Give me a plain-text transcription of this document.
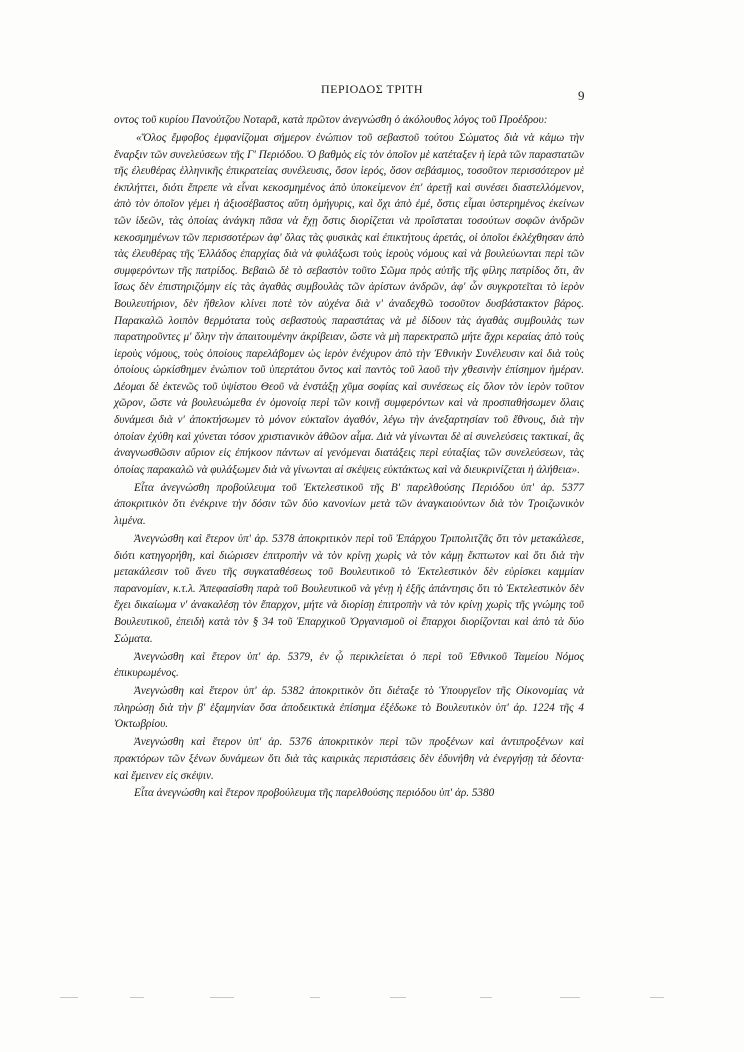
ΠΕΡΙΟΔΟΣ ΤΡΙΤΗ	9

οντος τοῦ κυρίου Πανούτζου Νοταρᾶ, κατὰ πρῶτον ἀνεγνώσθη ὁ ἀκόλουθος λόγος τοῦ Προέδρου:

«Ὅλος ἔμφοβος ἐμφανίζομαι σήμερον ἐνώπιον τοῦ σεβαστοῦ τούτου Σώματος διὰ νὰ κάμω τὴν ἔναρξιν τῶν συνελεύσεων τῆς Γ' Περιόδου. Ὁ βαθμὸς εἰς τὸν ὁποῖον μὲ κατέταξεν ἡ ἱερὰ τῶν παραστατῶν τῆς ἐλευθέρας ἑλληνικῆς ἐπικρατείας συνέλευσις, ὅσον ἱερός, ὅσον σεβάσμιος, τοσοῦτον περισσότερον μὲ ἐκπλήττει, διότι ἔπρεπε νὰ εἶναι κεκοσμημένος ἀπὸ ὑποκείμενον ἐπ' ἀρετῇ καὶ συνέσει διαστελλόμενον, ἀπὸ τὸν ὁποῖον γέμει ἡ ἀξιοσέβαστος αὕτη ὁμήγυρις, καὶ ὄχι ἀπὸ ἐμέ, ὅστις εἶμαι ὑστερημένος ἐκείνων τῶν ἰδεῶν, τὰς ὁποίας ἀνάγκη πᾶσα νὰ ἔχῃ ὅστις διορίζεται νὰ προΐσταται τοσούτων σοφῶν ἀνδρῶν κεκοσμημένων τῶν περισσοτέρων ἀφ' ὅλας τὰς φυσικὰς καὶ ἐπικτήτους ἀρετάς, οἱ ὁποῖοι ἐκλέχθησαν ἀπὸ τὰς ἐλευθέρας τῆς Ἑλλάδος ἐπαρχίας διὰ νὰ φυλάξωσι τοὺς ἱεροὺς νόμους καὶ νὰ βουλεύωνται περὶ τῶν συμφερόντων τῆς πατρίδος. Βεβαιῶ δὲ τὸ σεβαστὸν τοῦτο Σῶμα πρὸς αὐτῆς τῆς φίλης πατρίδος ὅτι, ἂν ἴσως δὲν ἐπιστηριζόμην εἰς τὰς ἀγαθὰς συμβουλὰς τῶν ἀρίστων ἀνδρῶν, ἀφ' ὧν συγκροτεῖται τὸ ἱερὸν Βουλευτήριον, δὲν ἤθελον κλίνει ποτὲ τὸν αὐχένα διὰ ν' ἀναδεχθῶ τοσοῦτον δυσβάστακτον βάρος. Παρακαλῶ λοιπὸν θερμότατα τοὺς σεβαστοὺς παραστάτας νὰ μὲ δίδουν τὰς ἀγαθὰς συμβουλὰς των παρατηροῦντες μ' ὅλην τὴν ἀπαιτουμένην ἀκρίβειαν, ὥστε νὰ μὴ παρεκτραπῶ μήτε ἄχρι κεραίας ἀπὸ τοὺς ἱεροὺς νόμους, τοὺς ὁποίους παρελάβομεν ὡς ἱερὸν ἐνέχυρον ἀπὸ τὴν Ἐθνικὴν Συνέλευσιν καὶ διὰ τοὺς ὁποίους ὡρκίσθημεν ἐνώπιον τοῦ ὑπερτάτου ὄντος καὶ παντὸς τοῦ λαοῦ τὴν χθεσινὴν ἐπίσημον ἡμέραν. Δέομαι δὲ ἐκτενῶς τοῦ ὑψίστου Θεοῦ νὰ ἐνστάξῃ χῦμα σοφίας καὶ συνέσεως εἰς ὅλον τὸν ἱερὸν τοῦτον χῶρον, ὥστε νὰ βουλευώμεθα ἐν ὁμονοίᾳ περὶ τῶν κοινῇ συμφερόντων καὶ νὰ προσπαθήσωμεν ὅλαις δυνάμεσι διὰ ν' ἀποκτήσωμεν τὸ μόνον εὐκταῖον ἀγαθόν, λέγω τὴν ἀνεξαρτησίαν τοῦ ἔθνους, διὰ τὴν ὁποίαν ἐχύθη καὶ χύνεται τόσον χριστιανικὸν ἀθῶον αἷμα. Διὰ νὰ γίνωνται δὲ αἱ συνελεύσεις τακτικαί, ἂς ἀναγνωσθῶσιν αὔριον εἰς ἐπήκοον πάντων αἱ γενόμεναι διατάξεις περὶ εὐταξίας τῶν συνελεύσεων, τὰς ὁποίας παρακαλῶ νὰ φυλάξωμεν διὰ νὰ γίνωνται αἱ σκέψεις εὐκτάκτως καὶ νὰ διευκρινίζεται ἡ ἀλήθεια».

Εἶτα ἀνεγνώσθη προβούλευμα τοῦ Ἐκτελεστικοῦ τῆς Β' παρελθούσης Περιόδου ὑπ' ἀρ. 5377 ἀποκριτικὸν ὅτι ἐνέκρινε τὴν δόσιν τῶν δύο κανονίων μετὰ τῶν ἀναγκαιούντων διὰ τὸν Τροιζωνικὸν λιμένα.

Ἀνεγνώσθη καὶ ἕτερον ὑπ' ἀρ. 5378 ἀποκριτικὸν περὶ τοῦ Ἐπάρχου Τριπολιτζᾶς ὅτι τὸν μετακάλεσε, διότι κατηγορήθη, καὶ διώρισεν ἐπιτροπὴν νὰ τὸν κρίνῃ χωρὶς νὰ τὸν κάμῃ ἔκπτωτον καὶ ὅτι διὰ τὴν μετακάλεσιν τοῦ ἄνευ τῆς συγκαταθέσεως τοῦ Βουλευτικοῦ τὸ Ἐκτελεστικὸν δὲν εὑρίσκει καμμίαν παρανομίαν, κ.τ.λ. Ἀπεφασίσθη παρὰ τοῦ Βουλευτικοῦ νὰ γένῃ ἡ ἑξῆς ἀπάντησις ὅτι τὸ Ἐκτελεστικὸν δὲν ἔχει δικαίωμα ν' ἀνακαλέσῃ τὸν ἔπαρχον, μήτε νὰ διορίσῃ ἐπιτροπὴν νὰ τὸν κρίνῃ χωρὶς τῆς γνώμης τοῦ Βουλευτικοῦ, ἐπειδὴ κατὰ τὸν § 34 τοῦ Ἐπαρχικοῦ Ὀργανισμοῦ οἱ ἔπαρχοι διορίζονται καὶ ἀπὸ τὰ δύο Σώματα.

Ἀνεγνώσθη καὶ ἕτερον ὑπ' ἀρ. 5379, ἐν ᾧ περικλείεται ὁ περὶ τοῦ Ἐθνικοῦ Ταμείου Νόμος ἐπικυρωμένος.

Ἀνεγνώσθη καὶ ἕτερον ὑπ' ἀρ. 5382 ἀποκριτικὸν ὅτι διέταξε τὸ Ὑπουργεῖον τῆς Οἰκονομίας νὰ πληρώσῃ διὰ τὴν β' ἑξαμηνίαν ὅσα ἀποδεικτικὰ ἐπίσημα ἐξέδωκε τὸ Βουλευτικὸν ὑπ' ἀρ. 1224 τῆς 4 Ὀκτωβρίου.

Ἀνεγνώσθη καὶ ἕτερον ὑπ' ἀρ. 5376 ἀποκριτικὸν περὶ τῶν προξένων καὶ ἀντιπροξένων καὶ πρακτόρων τῶν ξένων δυνάμεων ὅτι διὰ τὰς καιρικὰς περιστάσεις δὲν ἐδυνήθη νὰ ἐνεργήσῃ τὰ δέοντα· καὶ ἔμεινεν εἰς σκέψιν.

Εἶτα ἀνεγνώσθη καὶ ἕτερον προβούλευμα τῆς παρελθούσης περιόδου ὑπ' ἀρ. 5380
